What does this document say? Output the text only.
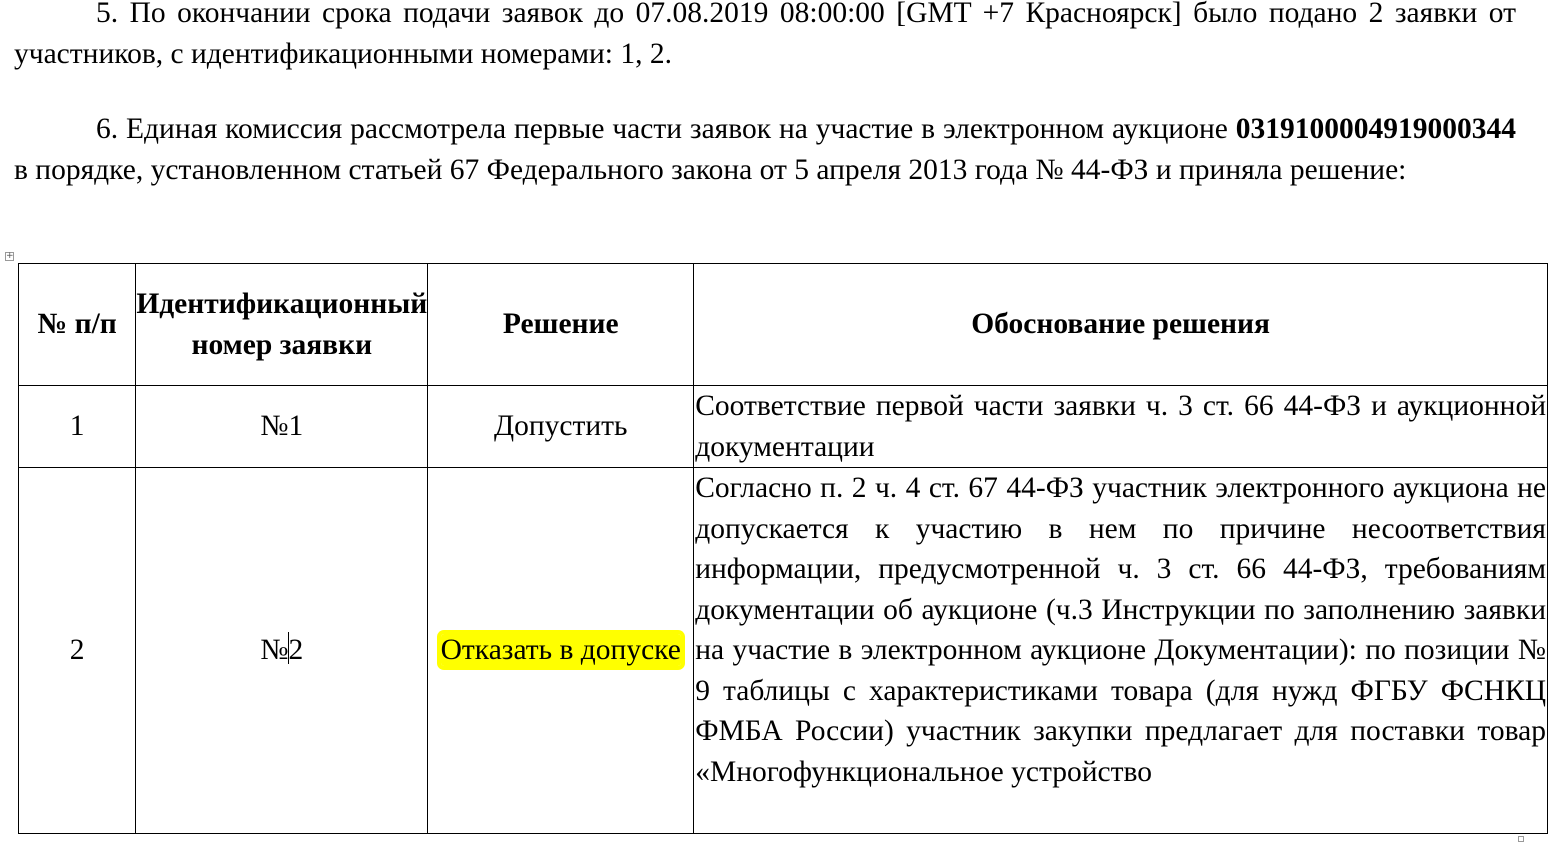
5. По окончании срока подачи заявок до 07.08.2019 08:00:00 [GMT +7 Красноярск] было подано 2 заявки от участников, с идентификационными номерами: 1, 2.
6. Единая комиссия рассмотрела первые части заявок на участие в электронном аукционе 0319100004919000344 в порядке, установленном статьей 67 Федерального закона от 5 апреля 2013 года № 44-ФЗ и приняла решение:
+
№ п/п	Идентификационный номер заявки	Решение	Обоснование решения
1	№1	Допустить	Соответствие первой части заявки ч. 3 ст. 66 44-ФЗ и аукционной документации
2	№2	Отказать в допуске	Согласно п. 2 ч. 4 ст. 67 44-ФЗ участник электронного аукциона не допускается к участию в нем по причине несоответствия информации, предусмотренной ч. 3 ст. 66 44-ФЗ, требованиям документации об аукционе (ч.3 Инструкции по заполнению заявки на участие в электронном аукционе Документации): по позиции № 9 таблицы с характеристиками товара (для нужд ФГБУ ФСНКЦ ФМБА России) участник закупки предлагает для поставки товар «Многофункциональное устройство
